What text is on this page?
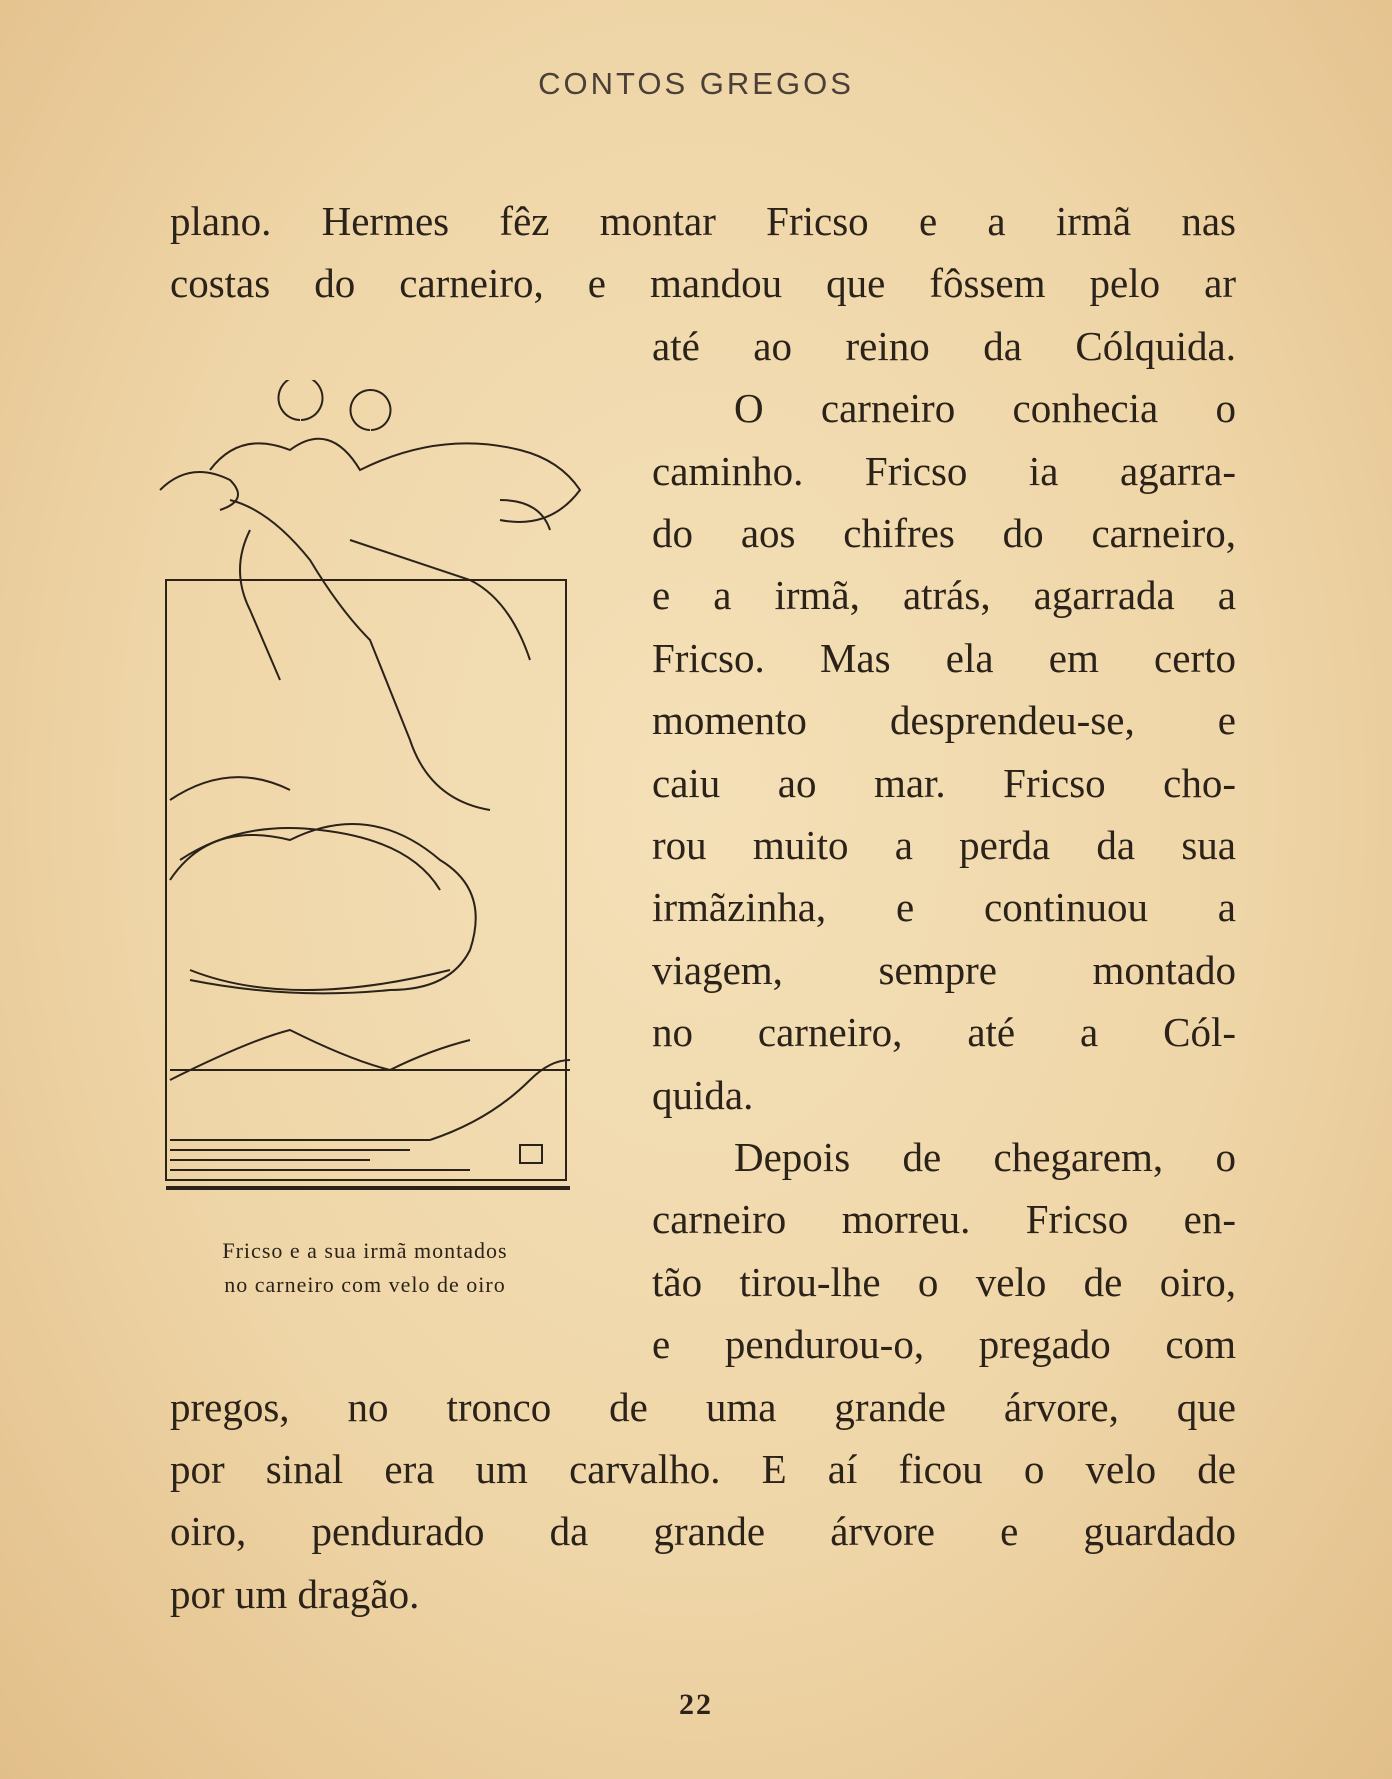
CONTOS GREGOS
plano. Hermes fêz montar Fricso e a irmã nas
costas do carneiro, e mandou que fôssem pelo ar
até ao reino da Cólquida.
O carneiro conhecia o
caminho. Fricso ia agarra-
do aos chifres do carneiro,
e a irmã, atrás, agarrada a
Fricso. Mas ela em certo
momento desprendeu-se, e
caiu ao mar. Fricso cho-
rou muito a perda da sua
irmãzinha, e continuou a
viagem, sempre montado
no carneiro, até a Cól-
quida.
Depois de chegarem, o
carneiro morreu. Fricso en-
tão tirou-lhe o velo de oiro,
e pendurou-o, pregado com
pregos, no tronco de uma grande árvore, que
por sinal era um carvalho. E aí ficou o velo de
oiro, pendurado da grande árvore e guardado
por um dragão.
Fricso e a sua irmã montados
no carneiro com velo de oiro
22
